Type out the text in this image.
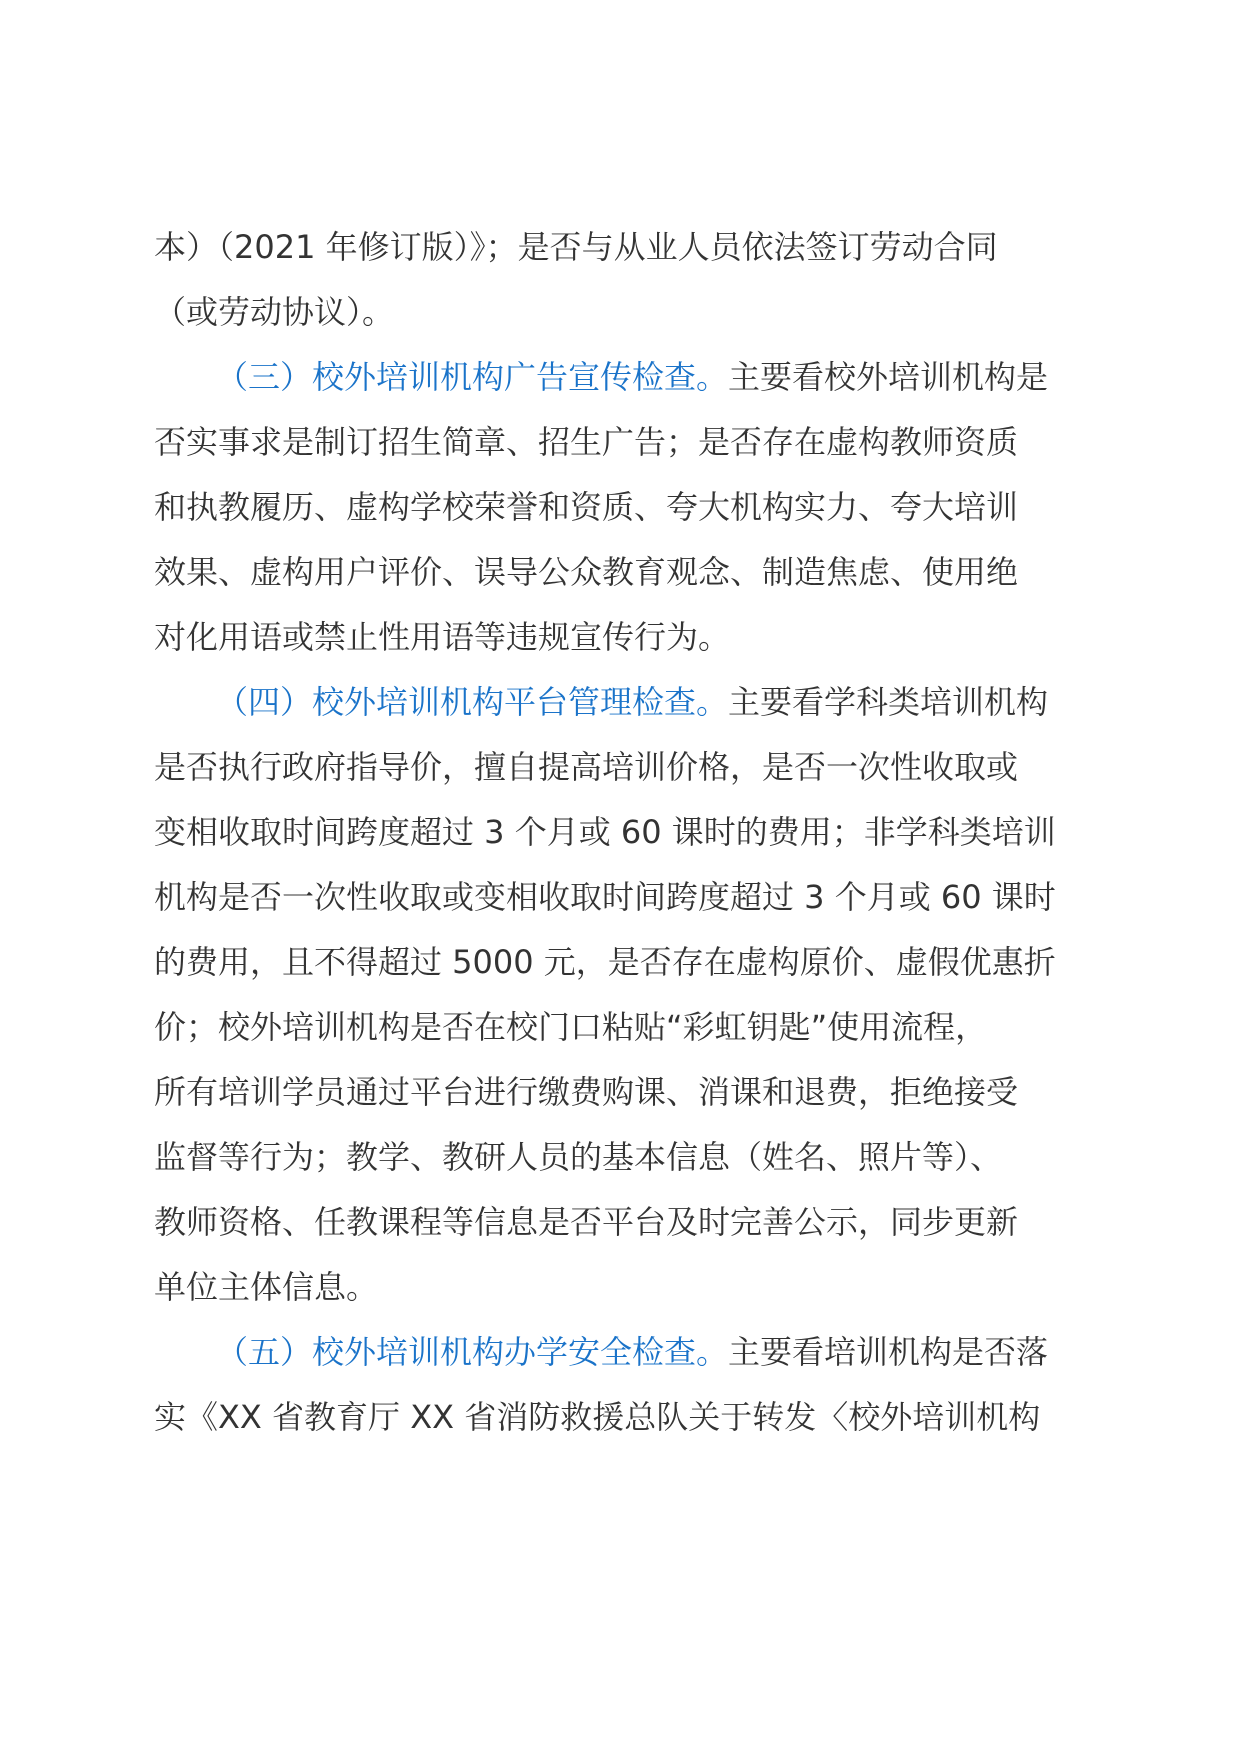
本）（2021 年修订版）》；是否与从业人员依法签订劳动合同
（或劳动协议）。
（三）校外培训机构广告宣传检查。主要看校外培训机构是
否实事求是制订招生简章、招生广告；是否存在虚构教师资质
和执教履历、虚构学校荣誉和资质、夸大机构实力、夸大培训
效果、虚构用户评价、误导公众教育观念、制造焦虑、使用绝
对化用语或禁止性用语等违规宣传行为。
（四）校外培训机构平台管理检查。主要看学科类培训机构
是否执行政府指导价，擅自提高培训价格，是否一次性收取或
变相收取时间跨度超过 3 个月或 60 课时的费用；非学科类培训
机构是否一次性收取或变相收取时间跨度超过 3 个月或 60 课时
的费用，且不得超过 5000 元，是否存在虚构原价、虚假优惠折
价；校外培训机构是否在校门口粘贴“彩虹钥匙”使用流程，
所有培训学员通过平台进行缴费购课、消课和退费，拒绝接受
监督等行为；教学、教研人员的基本信息（姓名、照片等）、
教师资格、任教课程等信息是否平台及时完善公示，同步更新
单位主体信息。
（五）校外培训机构办学安全检查。主要看培训机构是否落
实《XX 省教育厅 XX 省消防救援总队关于转发〈校外培训机构
